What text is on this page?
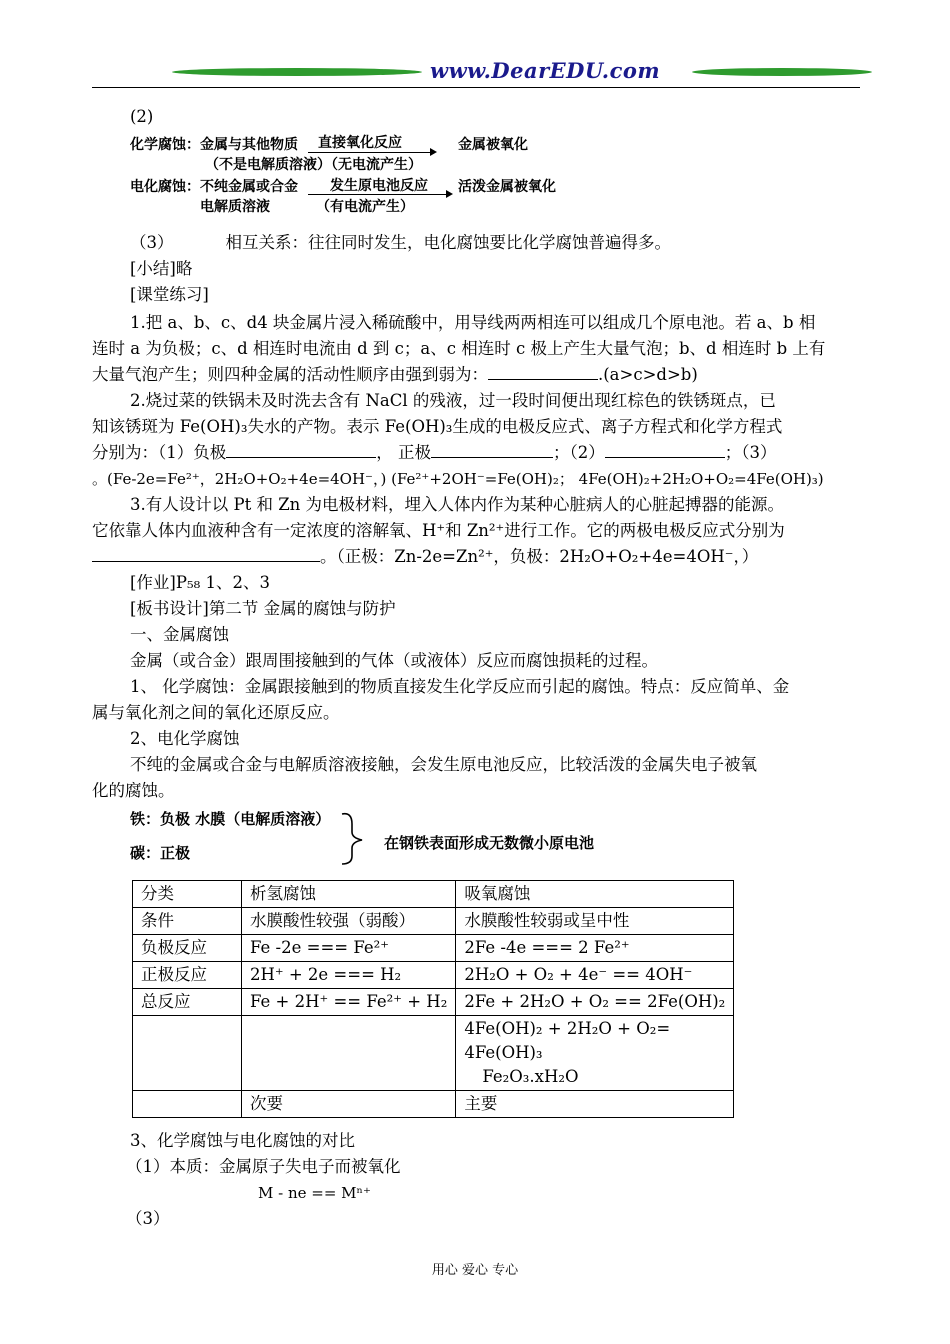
www.DearEDU.com
(2)
化学腐蚀：金属与其他物质 直接氧化反应	金属被氧化
（不是电解质溶液）（无电流产生）
电化腐蚀：不纯金属或合金 发生原电池反应 活泼金属被氧化
电解质溶液	（有电流产生）
（3）	相互关系：往往同时发生，电化腐蚀要比化学腐蚀普遍得多。
[小结]略
[课堂练习]
1.把 a、b、c、d4 块金属片浸入稀硫酸中，用导线两两相连可以组成几个原电池。若 a、b 相
连时 a 为负极；c、d 相连时电流由 d 到 c；a、c 相连时 c 极上产生大量气泡；b、d 相连时 b 上有
大量气泡产生；则四种金属的活动性顺序由强到弱为：	.(a>c>d>b)
2.烧过菜的铁锅未及时洗去含有 NaCl 的残液，过一段时间便出现红棕色的铁锈斑点，已
知该锈斑为 Fe(OH)₃失水的产物。表示 Fe(OH)₃生成的电极反应式、离子方程式和化学方程式
分别为：（1）负极	， 正极	；（2）	；（3）
。(Fe-2e=Fe²⁺，2H₂O+O₂+4e=4OH⁻，) (Fe²⁺+2OH⁻=Fe(OH)₂； 4Fe(OH)₂+2H₂O+O₂=4Fe(OH)₃)
3.有人设计以 Pt 和 Zn 为电极材料，埋入人体内作为某种心脏病人的心脏起搏器的能源。
它依靠人体内血液种含有一定浓度的溶解氧、H⁺和 Zn²⁺进行工作。它的两极电极反应式分别为
。（正极：Zn-2e=Zn²⁺，负极：2H₂O+O₂+4e=4OH⁻，）
[作业]P₅₈ 1、2、3
[板书设计]第二节 金属的腐蚀与防护
一、金属腐蚀
金属（或合金）跟周围接触到的气体（或液体）反应而腐蚀损耗的过程。
1、 化学腐蚀：金属跟接触到的物质直接发生化学反应而引起的腐蚀。特点：反应简单、金
属与氧化剂之间的氧化还原反应。
2、电化学腐蚀
不纯的金属或合金与电解质溶液接触，会发生原电池反应，比较活泼的金属失电子被氧
化的腐蚀。
铁：负极 水膜（电解质溶液）
碳：正极
在钢铁表面形成无数微小原电池
分类	析氢腐蚀	吸氧腐蚀
条件	水膜酸性较强（弱酸）	水膜酸性较弱或呈中性
负极反应	Fe -2e === Fe²⁺	2Fe -4e === 2 Fe²⁺
正极反应	2H⁺ + 2e === H₂	2H₂O + O₂ + 4e⁻ == 4OH⁻
总反应	Fe + 2H⁺ == Fe²⁺ + H₂	2Fe + 2H₂O + O₂ == 2Fe(OH)₂

		4Fe(OH)₂ + 2H₂O + O₂=
4Fe(OH)₃
Fe₂O₃.xH₂O

	次要	主要
3、化学腐蚀与电化腐蚀的对比
（1）本质：金属原子失电子而被氧化
M - ne == Mⁿ⁺
（3）
用心 爱心 专心
